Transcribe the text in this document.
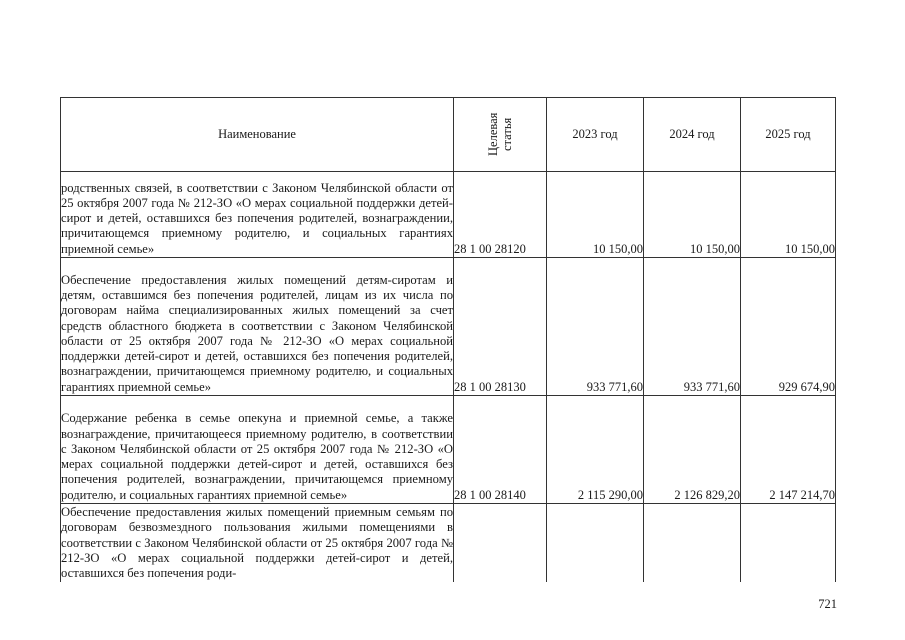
Наименование	Целевая статья	2023 год	2024 год	2025 год
родственных связей, в соответствии с Законом Челябинской области от 25 октября 2007 года № 212-ЗО «О мерах социальной поддержки детей-сирот и детей, оставшихся без попечения родителей, вознаграждении, причитающемся приемному родителю, и социальных гарантиях приемной семье»	28 1 00 28120	10 150,00	10 150,00	10 150,00
Обеспечение предоставления жилых помещений детям-сиротам и детям, оставшимся без попечения родителей, лицам из их числа по договорам найма специализированных жилых помещений за счет средств областного бюджета в соответствии с Законом Челябинской области от 25 октября 2007 года № 212-ЗО «О мерах социальной поддержки детей-сирот и детей, оставшихся без попечения родителей, вознаграждении, причитающемся приемному родителю, и социальных гарантиях приемной семье»	28 1 00 28130	933 771,60	933 771,60	929 674,90
Содержание ребенка в семье опекуна и приемной семье, а также вознаграждение, причитающееся приемному родителю, в соответствии с Законом Челябинской области от 25 октября 2007 года № 212-ЗО «О мерах социальной поддержки детей-сирот и детей, оставшихся без попечения родителей, вознаграждении, причитающемся приемному родителю, и социальных гарантиях приемной семье»	28 1 00 28140	2 115 290,00	2 126 829,20	2 147 214,70
Обеспечение предоставления жилых помещений приемным семьям по договорам безвозмездного пользования жилыми помещениями в соответствии с Законом Челябинской области от 25 октября 2007 года № 212-ЗО «О мерах социальной поддержки детей-сирот и детей, оставшихся без попечения роди-				
721
